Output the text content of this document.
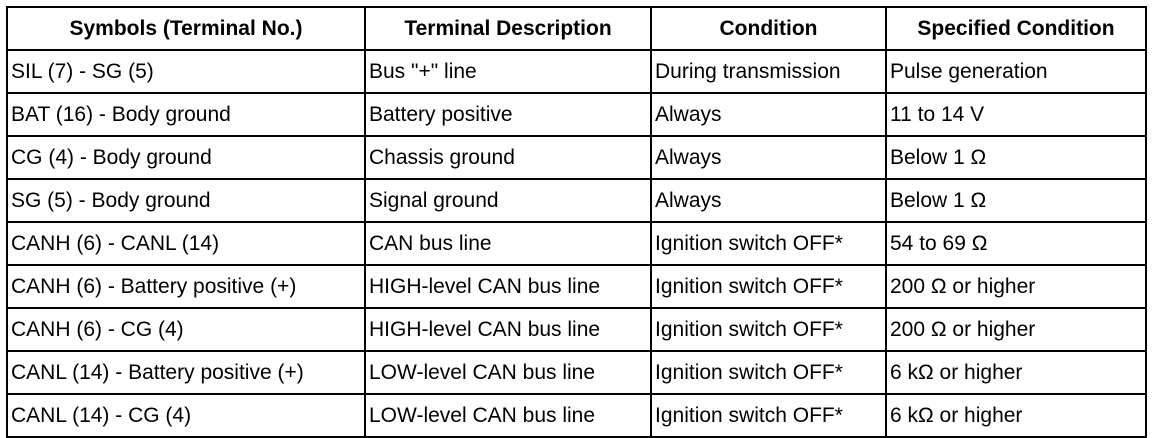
Symbols (Terminal No.)	Terminal Description	Condition	Specified Condition
SIL (7) - SG (5)	Bus "+" line	During transmission	Pulse generation
BAT (16) - Body ground	Battery positive	Always	11 to 14 V
CG (4) - Body ground	Chassis ground	Always	Below 1 Ω
SG (5) - Body ground	Signal ground	Always	Below 1 Ω
CANH (6) - CANL (14)	CAN bus line	Ignition switch OFF*	54 to 69 Ω
CANH (6) - Battery positive (+)	HIGH-level CAN bus line	Ignition switch OFF*	200 Ω or higher
CANH (6) - CG (4)	HIGH-level CAN bus line	Ignition switch OFF*	200 Ω or higher
CANL (14) - Battery positive (+)	LOW-level CAN bus line	Ignition switch OFF*	6 kΩ or higher
CANL (14) - CG (4)	LOW-level CAN bus line	Ignition switch OFF*	6 kΩ or higher
